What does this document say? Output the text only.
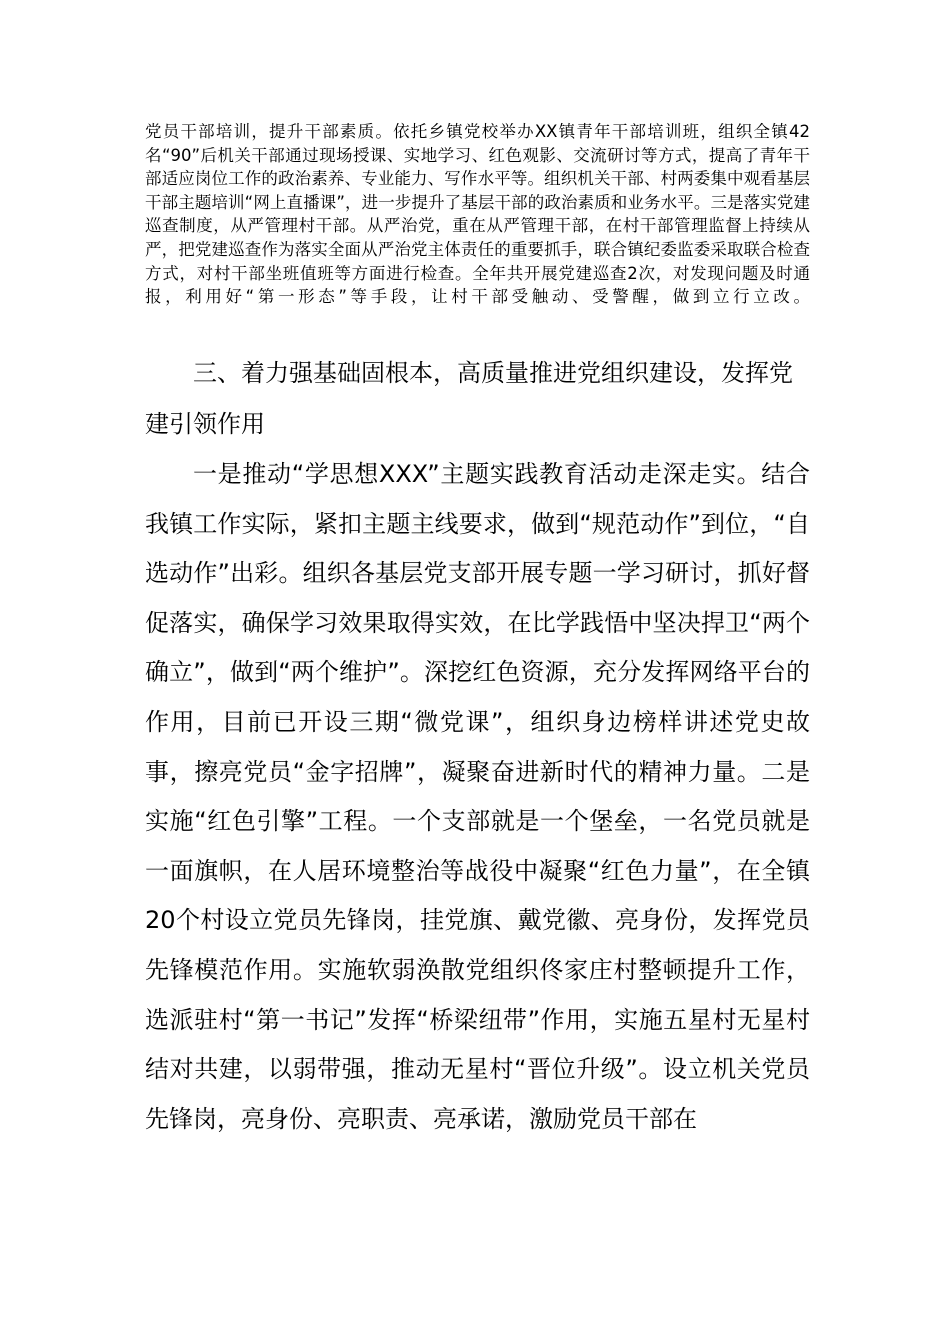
党员干部培训，提升干部素质。依托乡镇党校举办XX镇青年干部培训班，组织全镇42名“90”后机关干部通过现场授课、实地学习、红色观影、交流研讨等方式，提高了青年干部适应岗位工作的政治素养、专业能力、写作水平等。组织机关干部、村两委集中观看基层干部主题培训“网上直播课”，进一步提升了基层干部的政治素质和业务水平。三是落实党建巡查制度，从严管理村干部。从严治党，重在从严管理干部，在村干部管理监督上持续从严，把党建巡查作为落实全面从严治党主体责任的重要抓手，联合镇纪委监委采取联合检查方式，对村干部坐班值班等方面进行检查。全年共开展党建巡查2次，对发现问题及时通报，利用好“第一形态”等手段，让村干部受触动、受警醒，做到立行立改。

三、着力强基础固根本，高质量推进党组织建设，发挥党建引领作用

一是推动“学思想XXX”主题实践教育活动走深走实。结合我镇工作实际，紧扣主题主线要求，做到“规范动作”到位，“自选动作”出彩。组织各基层党支部开展专题一学习研讨，抓好督促落实，确保学习效果取得实效，在比学践悟中坚决捍卫“两个确立”，做到“两个维护”。深挖红色资源，充分发挥网络平台的作用，目前已开设三期“微党课”，组织身边榜样讲述党史故事，擦亮党员“金字招牌”，凝聚奋进新时代的精神力量。二是实施“红色引擎”工程。一个支部就是一个堡垒，一名党员就是一面旗帜，在人居环境整治等战役中凝聚“红色力量”，在全镇20个村设立党员先锋岗，挂党旗、戴党徽、亮身份，发挥党员先锋模范作用。实施软弱涣散党组织佟家庄村整顿提升工作，选派驻村“第一书记”发挥“桥梁纽带”作用，实施五星村无星村结对共建，以弱带强，推动无星村“晋位升级”。设立机关党员先锋岗，亮身份、亮职责、亮承诺，激励党员干部在
